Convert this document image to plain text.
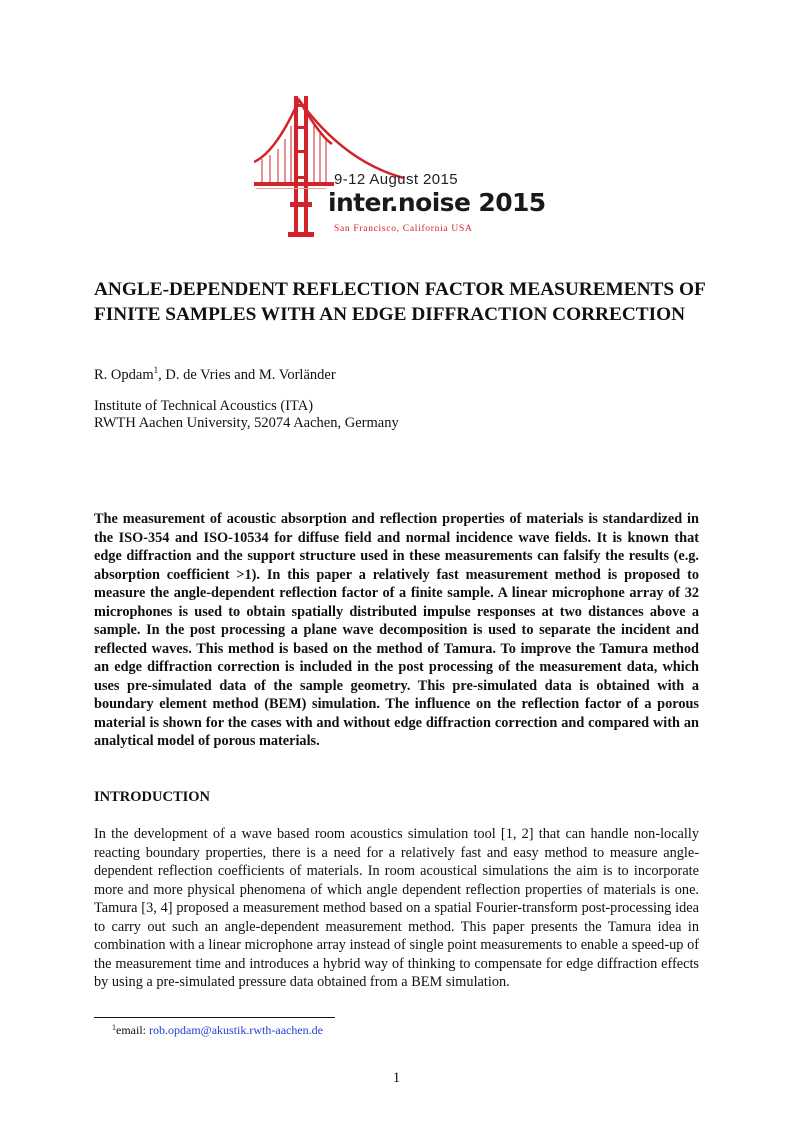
9-12 August 2015
inter.noise 2015
San Francisco, California USA
ANGLE-DEPENDENT REFLECTION FACTOR MEASUREMENTS OF FINITE SAMPLES WITH AN EDGE DIFFRACTION CORRECTION

R. Opdam$^1$, D. de Vries and M. Vorländer

Institute of Technical Acoustics (ITA)
RWTH Aachen University, 52074 Aachen, Germany

The measurement of acoustic absorption and reflection properties of materials is standardized in the ISO-354 and ISO-10534 for diffuse field and normal incidence wave fields. It is known that edge diffraction and the support structure used in these measurements can falsify the results (e.g. absorption coefficient >1). In this paper a relatively fast measurement method is proposed to measure the angle-dependent reflection factor of a finite sample. A linear microphone array of 32 microphones is used to obtain spatially distributed impulse responses at two distances above a sample. In the post processing a plane wave decomposition is used to separate the incident and reflected waves. This method is based on the method of Tamura. To improve the Tamura method an edge diffraction correction is included in the post processing of the measurement data, which uses pre-simulated data of the sample geometry. This pre-simulated data is obtained with a boundary element method (BEM) simulation. The influence on the reflection factor of a porous material is shown for the cases with and without edge diffraction correction and compared with an analytical model of porous materials.

INTRODUCTION

In the development of a wave based room acoustics simulation tool [1, 2] that can handle non-locally reacting boundary properties, there is a need for a relatively fast and easy method to measure angle-dependent reflection coefficients of materials. In room acoustical simulations the aim is to incorporate more and more physical phenomena of which angle dependent reflection properties of materials is one. Tamura [3, 4] proposed a measurement method based on a spatial Fourier-transform post-processing idea to carry out such an angle-dependent measurement method. This paper presents the Tamura idea in combination with a linear microphone array instead of single point measurements to enable a speed-up of the measurement time and introduces a hybrid way of thinking to compensate for edge diffraction effects by using a pre-simulated pressure data obtained from a BEM simulation.

$^1$email: rob.opdam@akustik.rwth-aachen.de

1
